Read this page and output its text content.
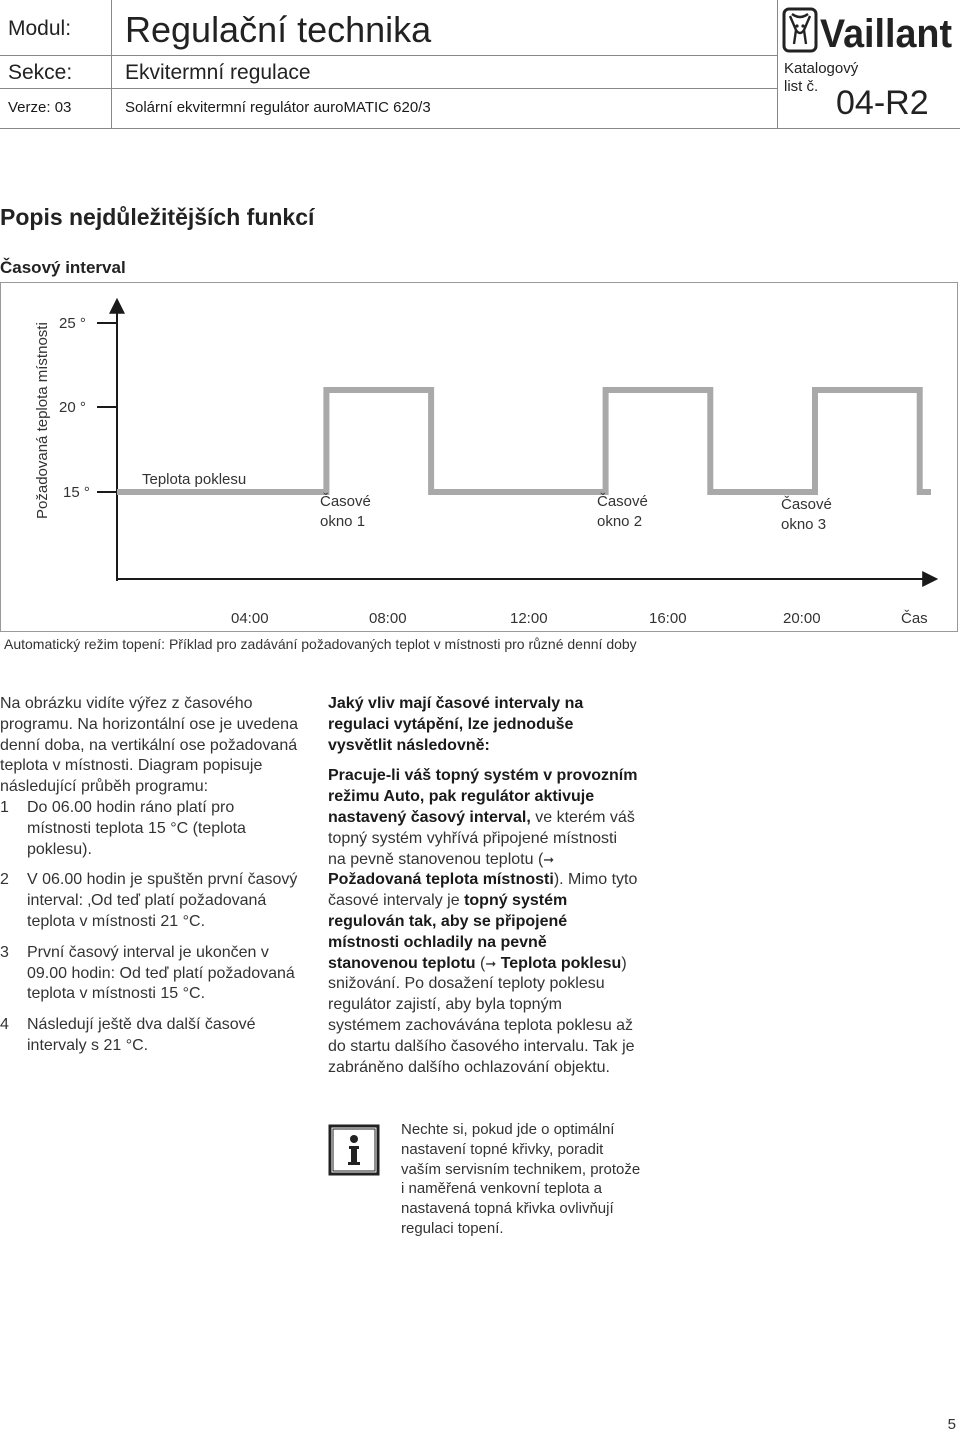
Modul: Regulační technika
Sekce:	Ekvitermní regulace
Verze: 03	Solární ekvitermní regulátor auroMATIC 620/3
Katalogový
list č. 04-R2
Vaillant
Popis nejdůležitějších funkcí
Časový interval
Požadovaná teplota místnosti 25 °
20 °
15 °
Teplota poklesu
Časové
okno 1
Časové
okno 2
Časové
okno 3
04:00	08:00	12:00	16:00	20:00	Čas
Automatický režim topení: Příklad pro zadávání požadovaných teplot v místnosti pro různé denní doby

Na obrázku vidíte výřez z časového programu. Na horizontální ose je uvedena denní doba, na vertikální ose požadovaná teplota v místnosti. Diagram popisuje následující průběh programu:

1 Do 06.00 hodin ráno platí pro místnosti teplota 15 °C (teplota poklesu).
2 V 06.00 hodin je spuštěn první časový interval: ‚Od teď platí požadovaná teplota v místnosti 21 °C.
3 První časový interval je ukončen v 09.00 hodin: Od teď platí požadovaná teplota v místnosti 15 °C.
4 Následují ještě dva další časové intervaly s 21 °C.

Jaký vliv mají časové intervaly na regulaci vytápění, lze jednoduše vysvětlit následovně:

Pracuje-li váš topný systém v provozním režimu Auto, pak regulátor aktivuje nastavený časový interval, ve kterém váš topný systém vyhřívá připojené místnosti na pevně stanovenou teplotu (➞ Požadovaná teplota místnosti). Mimo tyto časové intervaly je topný systém regulován tak, aby se připojené místnosti ochladily na pevně stanovenou teplotu (➞ Teplota poklesu) snižování. Po dosažení teploty poklesu regulátor zajistí, aby byla topným systémem zachovávána teplota poklesu až do startu dalšího časového intervalu. Tak je zabráněno dalšího ochlazování objektu.

Nechte si, pokud jde o optimální nastavení topné křivky, poradit vaším servisním technikem, protože i naměřená venkovní teplota a nastavená topná křivka ovlivňují regulaci topení.
5
